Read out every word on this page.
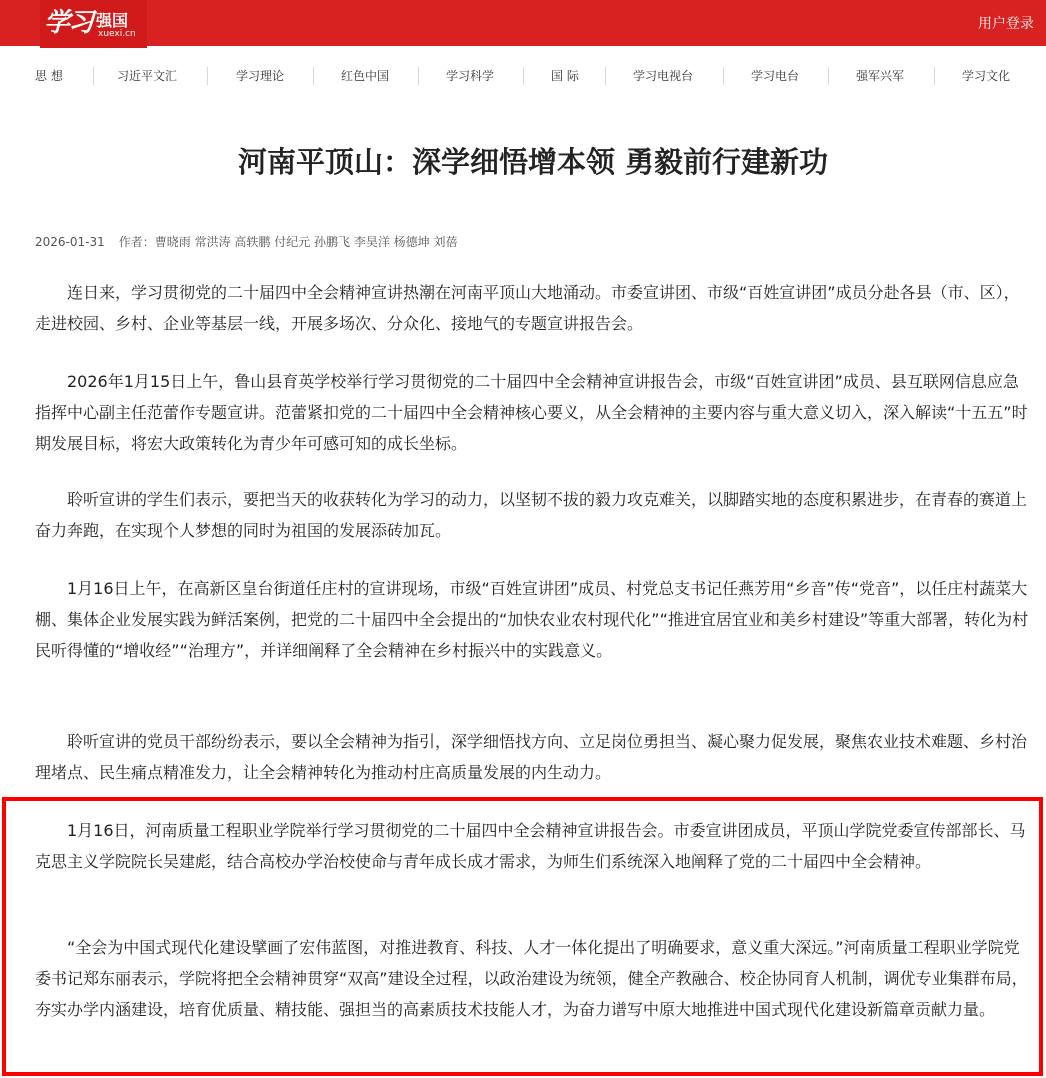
学习 强国
xuexi.cn
用户登录
思 想	习近平文汇	学习理论	红色中国	学习科学	国 际	学习电视台	学习电台	强军兴军	学习文化
河南平顶山：深学细悟增本领 勇毅前行建新功
2026-01-31 作者：曹晓雨 常洪涛 高轶鹏 付纪元 孙鹏飞 李昊洋 杨德坤 刘蓓

连日来，学习贯彻党的二十届四中全会精神宣讲热潮在河南平顶山大地涌动。市委宣讲团、市级“百姓宣讲团”成员分赴各县（市、区），走进校园、乡村、企业等基层一线，开展多场次、分众化、接地气的专题宣讲报告会。

2026年1月15日上午，鲁山县育英学校举行学习贯彻党的二十届四中全会精神宣讲报告会，市级“百姓宣讲团”成员、县互联网信息应急指挥中心副主任范蕾作专题宣讲。范蕾紧扣党的二十届四中全会精神核心要义，从全会精神的主要内容与重大意义切入，深入解读“十五五”时期发展目标，将宏大政策转化为青少年可感可知的成长坐标。

聆听宣讲的学生们表示，要把当天的收获转化为学习的动力，以坚韧不拔的毅力攻克难关，以脚踏实地的态度积累进步，在青春的赛道上奋力奔跑，在实现个人梦想的同时为祖国的发展添砖加瓦。

1月16日上午，在高新区皇台街道任庄村的宣讲现场，市级“百姓宣讲团”成员、村党总支书记任燕芳用“乡音”传“党音”，以任庄村蔬菜大棚、集体企业发展实践为鲜活案例，把党的二十届四中全会提出的“加快农业农村现代化”“推进宜居宜业和美乡村建设”等重大部署，转化为村民听得懂的“增收经”“治理方”，并详细阐释了全会精神在乡村振兴中的实践意义。

聆听宣讲的党员干部纷纷表示，要以全会精神为指引，深学细悟找方向、立足岗位勇担当、凝心聚力促发展，聚焦农业技术难题、乡村治理堵点、民生痛点精准发力，让全会精神转化为推动村庄高质量发展的内生动力。

1月16日，河南质量工程职业学院举行学习贯彻党的二十届四中全会精神宣讲报告会。市委宣讲团成员，平顶山学院党委宣传部部长、马克思主义学院院长吴建彪，结合高校办学治校使命与青年成长成才需求，为师生们系统深入地阐释了党的二十届四中全会精神。

“全会为中国式现代化建设擘画了宏伟蓝图，对推进教育、科技、人才一体化提出了明确要求，意义重大深远。”河南质量工程职业学院党委书记郑东丽表示，学院将把全会精神贯穿“双高”建设全过程，以政治建设为统领，健全产教融合、校企协同育人机制，调优专业集群布局，夯实办学内涵建设，培育优质量、精技能、强担当的高素质技术技能人才，为奋力谱写中原大地推进中国式现代化建设新篇章贡献力量。
